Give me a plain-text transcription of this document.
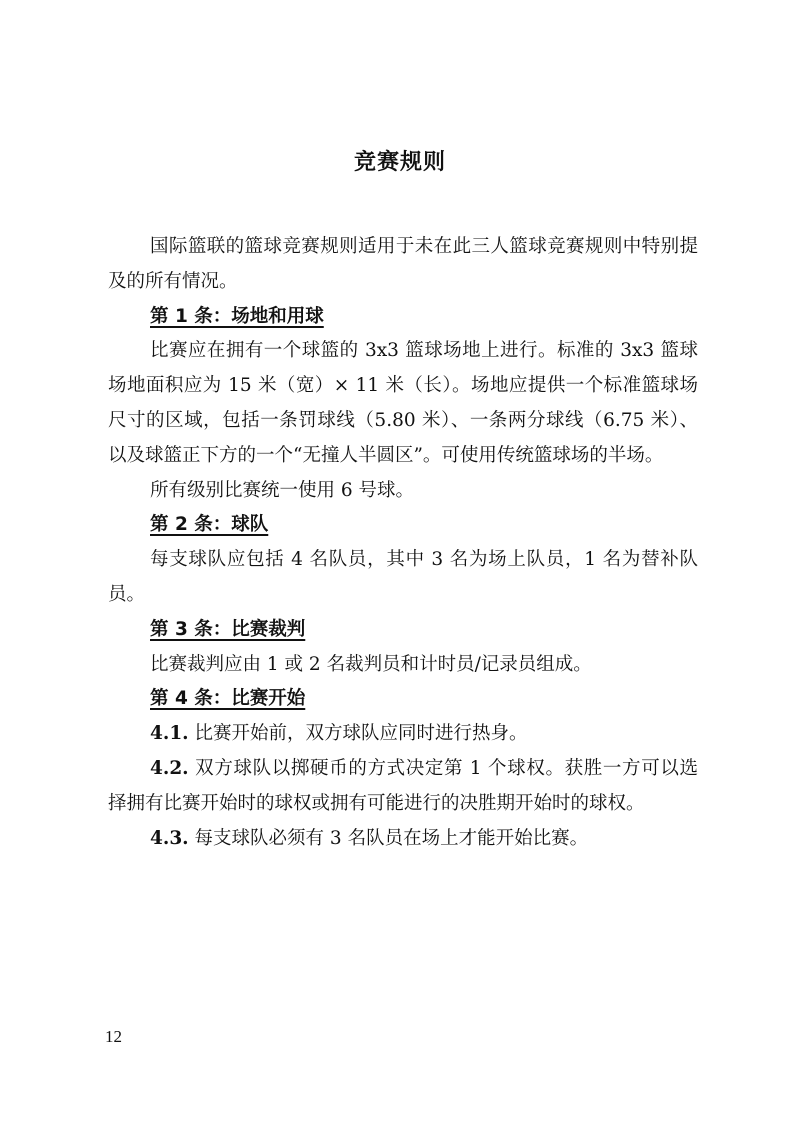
竞赛规则

国际篮联的篮球竞赛规则适用于未在此三人篮球竞赛规则中特别提及的所有情况。

第 1 条：场地和用球

比赛应在拥有一个球篮的 3x3 篮球场地上进行。标准的 3x3 篮球场地面积应为 15 米（宽）× 11 米（长）。场地应提供一个标准篮球场尺寸的区域，包括一条罚球线（5.80 米）、一条两分球线（6.75 米）、以及球篮正下方的一个“无撞人半圆区”。可使用传统篮球场的半场。

所有级别比赛统一使用 6 号球。

第 2 条：球队

每支球队应包括 4 名队员，其中 3 名为场上队员，1 名为替补队员。

第 3 条：比赛裁判

比赛裁判应由 1 或 2 名裁判员和计时员/记录员组成。

第 4 条：比赛开始

4.1. 比赛开始前，双方球队应同时进行热身。

4.2. 双方球队以掷硬币的方式决定第 1 个球权。获胜一方可以选择拥有比赛开始时的球权或拥有可能进行的决胜期开始时的球权。

4.3. 每支球队必须有 3 名队员在场上才能开始比赛。

12
